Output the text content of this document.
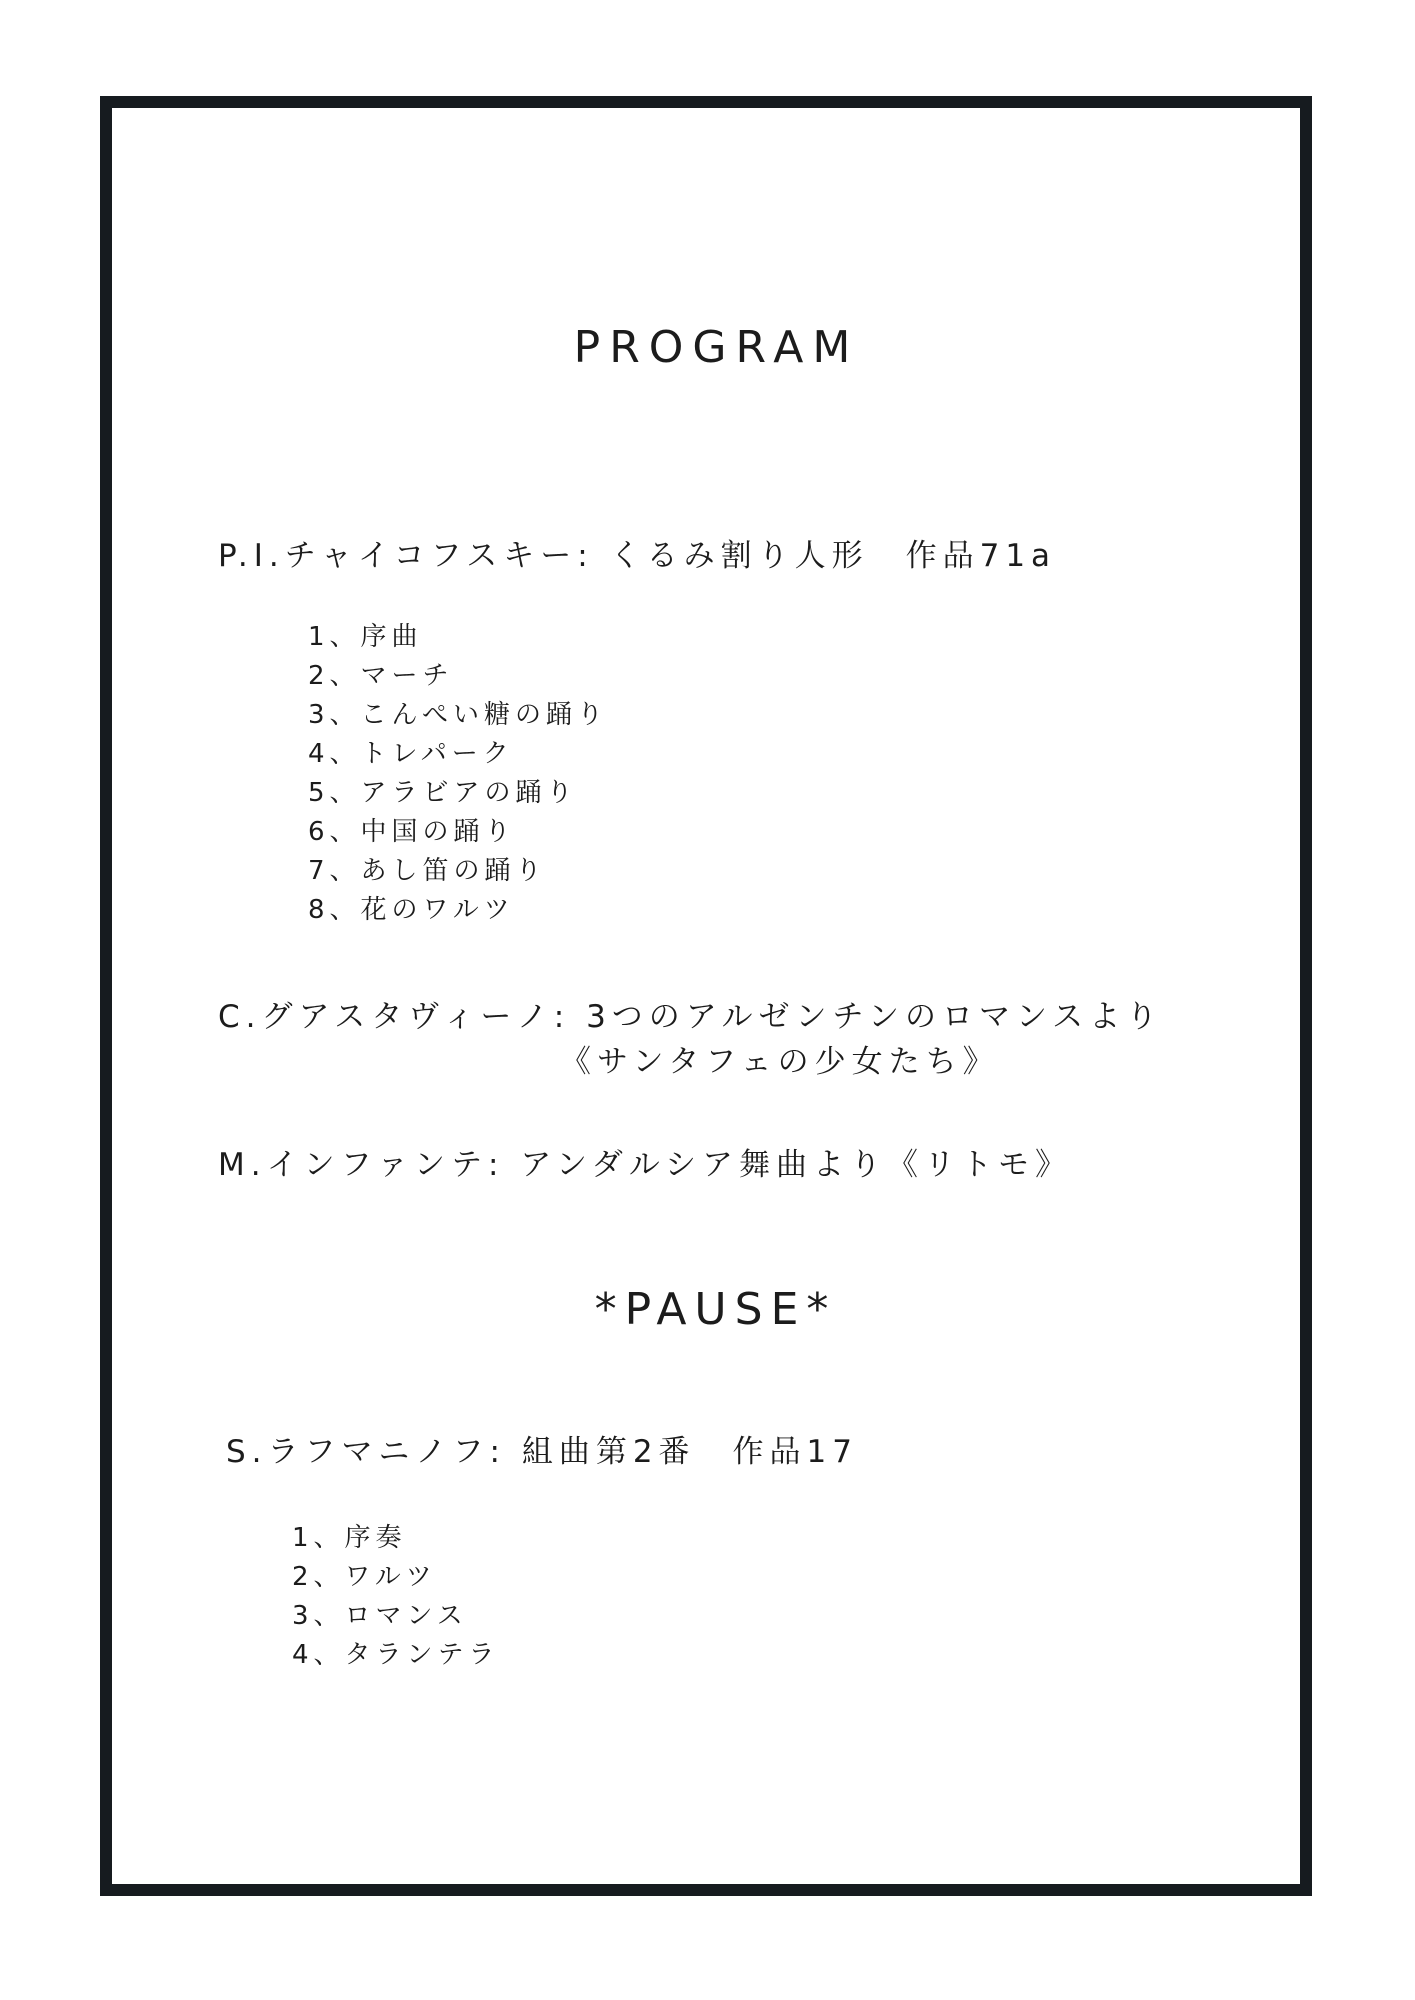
PROGRAM
P.I.チャイコフスキー: くるみ割り人形　作品71a
1、序曲
2、マーチ
3、こんぺい糖の踊り
4、トレパーク
5、アラビアの踊り
6、中国の踊り
7、あし笛の踊り
8、花のワルツ
C.グアスタヴィーノ: 3つのアルゼンチンのロマンスより
《サンタフェの少女たち》
M.インファンテ: アンダルシア舞曲より《リトモ》
*PAUSE*
S.ラフマニノフ: 組曲第2番　作品17
1、序奏
2、ワルツ
3、ロマンス
4、タランテラ
